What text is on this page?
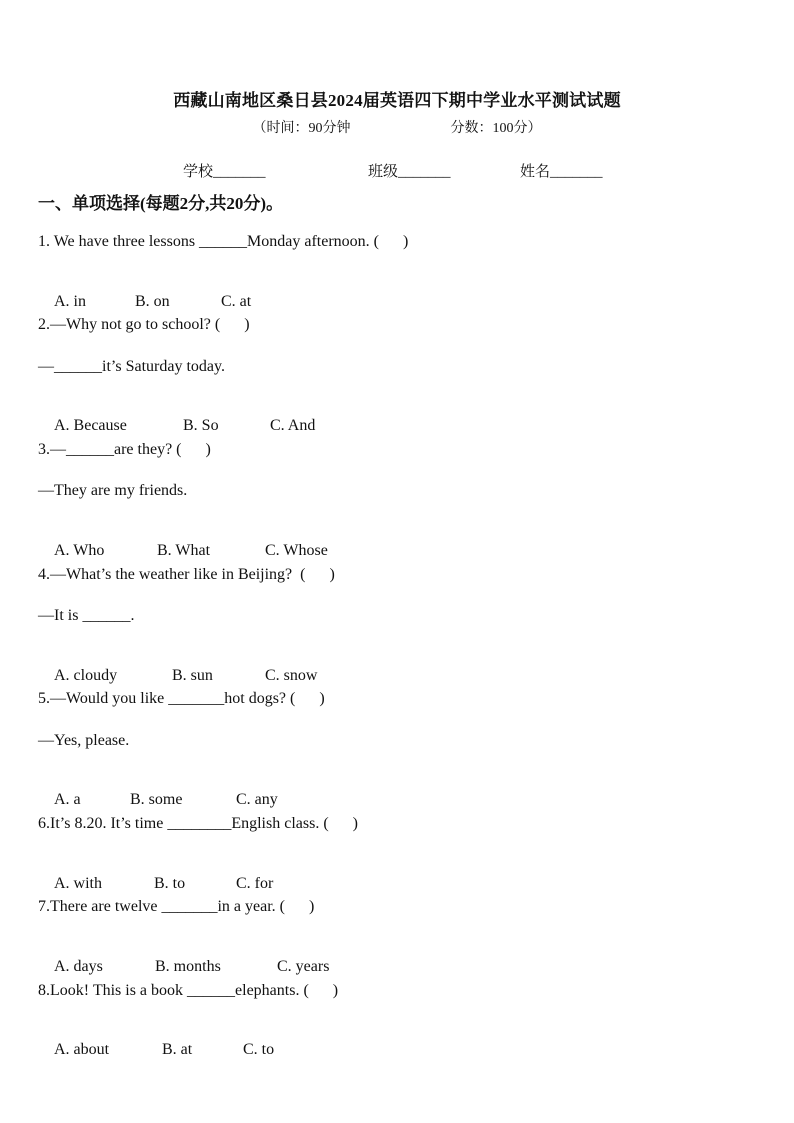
西藏山南地区桑日县2024届英语四下期中学业水平测试试题
（时间：90分钟	分数：100分）
学校_______	班级_______	姓名_______
一、单项选择(每题2分,共20分)。
1. We have three lessons ______Monday afternoon. (      )

A. in	B. on	C. at

2.—Why not go to school? (      )
—______it’s Saturday today.

A. Because	B. So	C. And

3.—______are they? (      )
—They are my friends.

A. Who	B. What	C. Whose

4.—What’s the weather like in Beijing?  (      )
—It is ______.

A. cloudy	B. sun	C. snow

5.—Would you like _______hot dogs? (      )
—Yes, please.

A. a	B. some	C. any

6.It’s 8.20. It’s time ________English class. (      )

A. with	B. to	C. for

7.There are twelve _______in a year. (      )

A. days	B. months	C. years

8.Look! This is a book ______elephants. (      )

A. about	B. at	C. to
